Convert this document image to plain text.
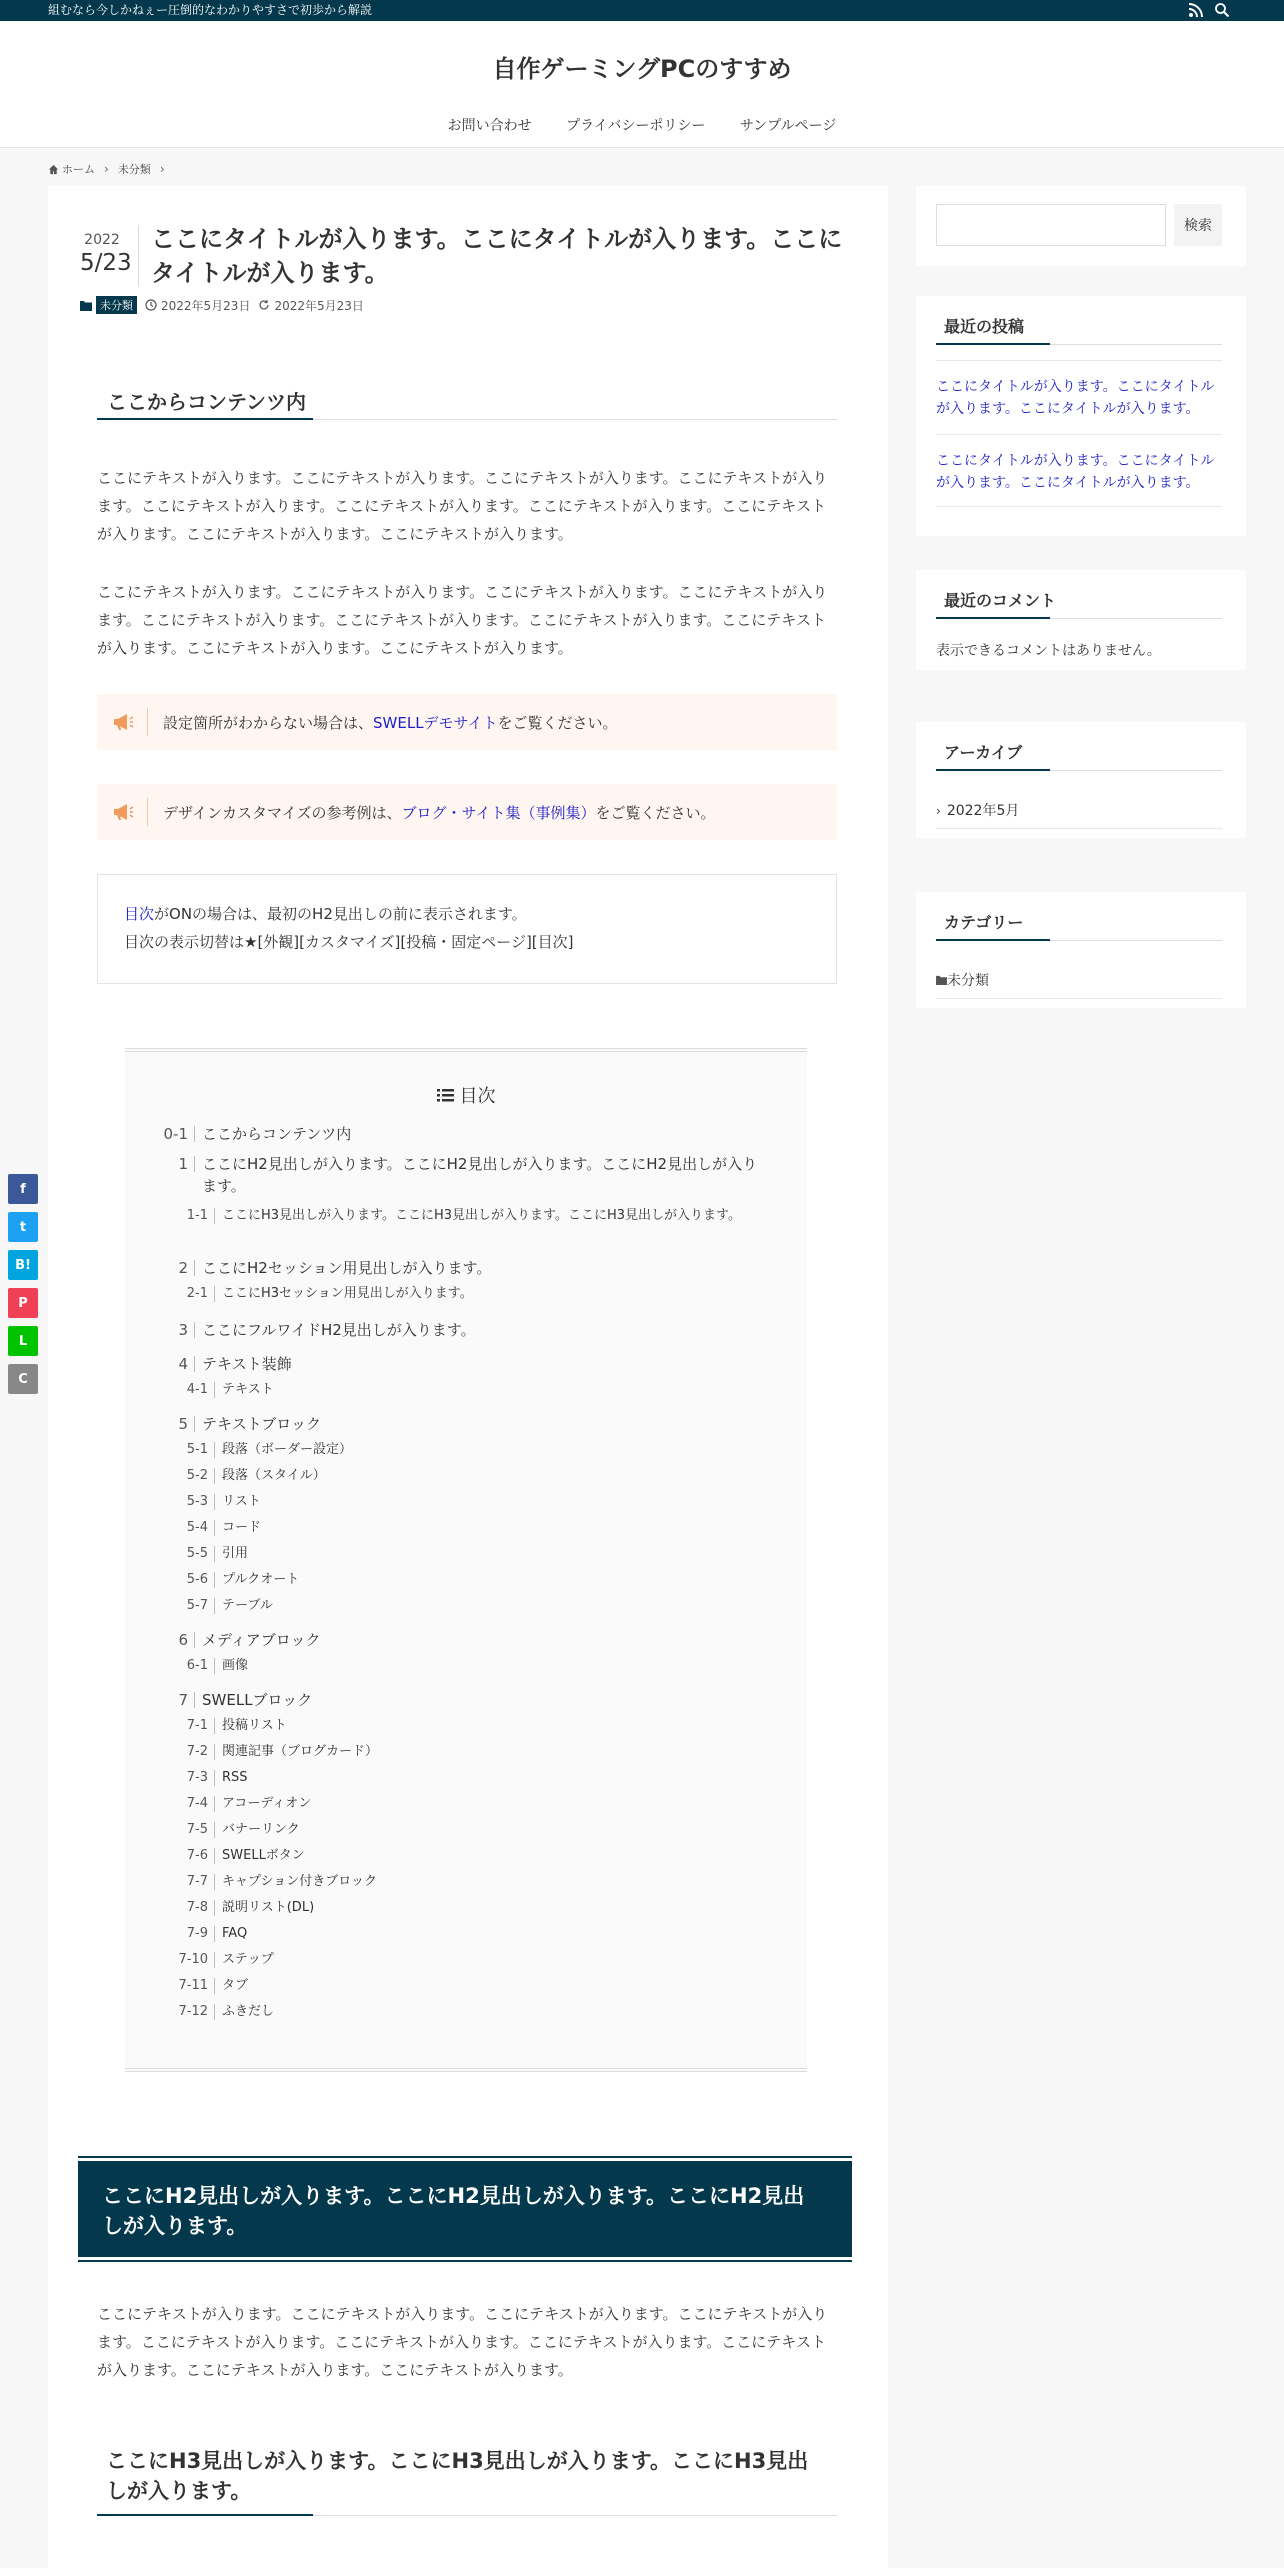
組むなら今しかねぇー圧倒的なわかりやすさで初歩から解説
自作ゲーミングPCのすすめ
お問い合わせ プライバシーポリシー サンプルページ
ホーム › 未分類 ›
2022
5/23
ここにタイトルが入ります。ここにタイトルが入ります。ここにタイトルが入ります。
未分類	2022年5月23日 2022年5月23日
ここからコンテンツ内

ここにテキストが入ります。ここにテキストが入ります。ここにテキストが入ります。ここにテキストが入ります。ここにテキストが入ります。ここにテキストが入ります。ここにテキストが入ります。ここにテキストが入ります。ここにテキストが入ります。ここにテキストが入ります。

ここにテキストが入ります。ここにテキストが入ります。ここにテキストが入ります。ここにテキストが入ります。ここにテキストが入ります。ここにテキストが入ります。ここにテキストが入ります。ここにテキストが入ります。ここにテキストが入ります。ここにテキストが入ります。

設定箇所がわからない場合は、SWELLデモサイトをご覧ください。
デザインカスタマイズの参考例は、ブログ・サイト集（事例集）をご覧ください。
目次がONの場合は、最初のH2見出しの前に表示されます。
目次の表示切替は★[外観][カスタマイズ][投稿・固定ページ][目次]
目次
0-1 ここからコンテンツ内
1 ここにH2見出しが入ります。ここにH2見出しが入ります。ここにH2見出しが入ります。
1-1	ここにH3見出しが入ります。ここにH3見出しが入ります。ここにH3見出しが入ります。
2 ここにH2セッション用見出しが入ります。
2-1	ここにH3セッション用見出しが入ります。
3 ここにフルワイドH2見出しが入ります。
4 テキスト装飾
4-1	テキスト
5 テキストブロック
5-1	段落（ボーダー設定）
5-2	段落（スタイル）
5-3	リスト
5-4	コード
5-5	引用
5-6	プルクオート
5-7	テーブル
6 メディアブロック
6-1	画像
7 SWELLブロック
7-1	投稿リスト
7-2	関連記事（ブログカード）
7-3	RSS
7-4	アコーディオン
7-5	バナーリンク
7-6	SWELLボタン
7-7	キャプション付きブロック
7-8	説明リスト(DL)
7-9	FAQ
7-10	ステップ
7-11	タブ
7-12	ふきだし
ここにH2見出しが入ります。ここにH2見出しが入ります。ここにH2見出しが入ります。

ここにテキストが入ります。ここにテキストが入ります。ここにテキストが入ります。ここにテキストが入ります。ここにテキストが入ります。ここにテキストが入ります。ここにテキストが入ります。ここにテキストが入ります。ここにテキストが入ります。ここにテキストが入ります。

ここにH3見出しが入ります。ここにH3見出しが入ります。ここにH3見出しが入ります。
検索
最近の投稿
ここにタイトルが入ります。ここにタイトルが入ります。ここにタイトルが入ります。
ここにタイトルが入ります。ここにタイトルが入ります。ここにタイトルが入ります。
最近のコメント
表示できるコメントはありません。
アーカイブ
› 2022年5月
カテゴリー
未分類
f
t
B!
P
L
C
